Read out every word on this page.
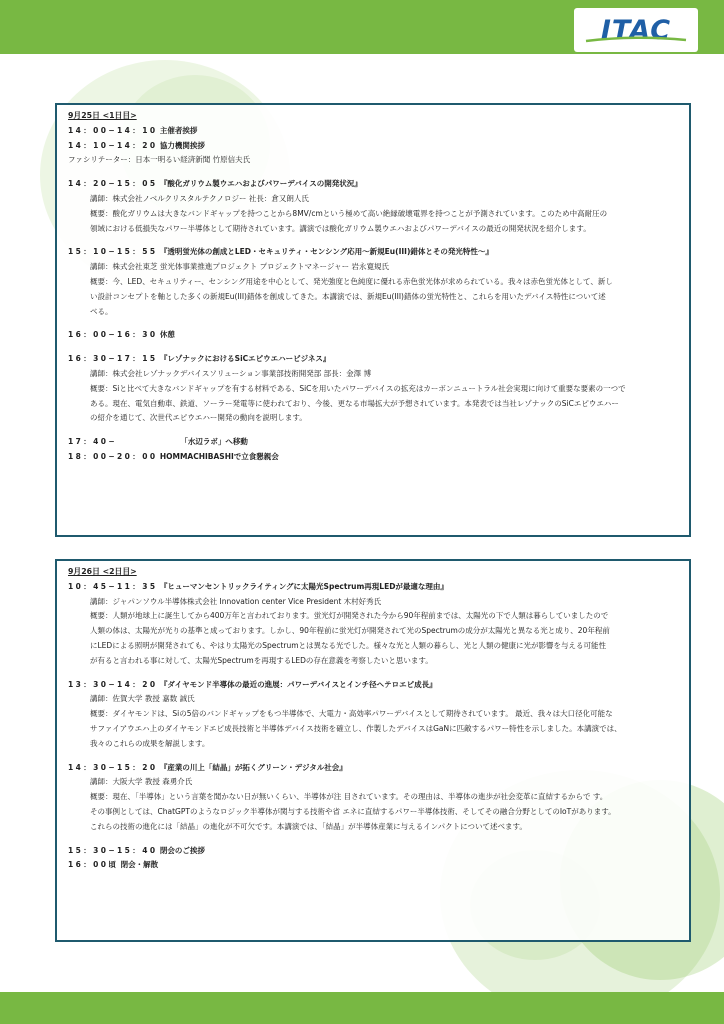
ITAC
9月25日 <1日目>
14：00−14：10 主催者挨拶
14：10−14：20 協力機関挨拶
ファシリテーター：日本一明るい経済新聞 竹原信夫氏
14：20−15：05 『酸化ガリウム製ウエハおよびパワーデバイスの開発状況』
講師：株式会社ノベルクリスタルテクノロジー 社長：倉又朗人氏
概要：酸化ガリウムは大きなバンドギャップを持つことから8MV/cmという極めて高い絶縁破壊電界を持つことが予測されています。このため中高耐圧の
領域における低損失なパワー半導体として期待されています。講演では酸化ガリウム製ウエハおよびパワーデバイスの最近の開発状況を紹介します。
15：10−15：55 『透明蛍光体の創成とLED・セキュリティ・センシング応用〜新規Eu(III)錯体とその発光特性〜』
講師：株式会社東芝 蛍光体事業推進プロジェクト プロジェクトマネージャー 岩永寛規氏
概要：今、LED、セキュリティー、センシング用途を中心として、発光強度と色純度に優れる赤色蛍光体が求められている。我々は赤色蛍光体として、新し
い設計コンセプトを軸とした多くの新規Eu(III)錯体を創成してきた。本講演では、新規Eu(III)錯体の蛍光特性と、これらを用いたデバイス特性について述
べる。
16：00−16：30 休憩
16：30−17：15 『レゾナックにおけるSiCエピウエハービジネス』
講師：株式会社レゾナックデバイスソリューション事業部技術開発部 部長：金澤 博
概要：Siと比べて大きなバンドギャップを有する材料である、SiCを用いたパワーデバイスの拡充はカーボンニュートラル社会実現に向けて重要な要素の一つで
ある。現在、電気自動車、鉄道、ソーラー発電等に使われており、今後、更なる市場拡大が予想されています。本発表では当社レゾナックのSiCエピウエハー
の紹介を通じて、次世代エピウエハー開発の動向を説明します。
17：40−	「水辺ラボ」へ移動
18：00−20：00 HOMMACHIBASHIで立食懇親会
9月26日 <2日目>
10：45−11：35 『ヒューマンセントリックライティングに太陽光Spectrum再現LEDが最適な理由』
講師：ジャパンソウル半導体株式会社 Innovation center Vice President 木村好秀氏
概要：人類が地球上に誕生してから400万年と言われております。蛍光灯が開発された今から90年程前までは、太陽光の下で人類は暮らしていましたので
人類の体は、太陽光が光りの基準と成っております。しかし、90年程前に蛍光灯が開発されて光のSpectrumの成分が太陽光と異なる光と成り、20年程前
にLEDによる照明が開発されても、やはり太陽光のSpectrumとは異なる光でした。様々な光と人類の暮らし、光と人類の健康に光が影響を与える可能性
が有ると言われる事に対して、太陽光Spectrumを再現するLEDの存在意義を考察したいと思います。
13：30−14：20 『ダイヤモンド半導体の最近の進展：パワーデバイスとインチ径ヘテロエピ成長』
講師：佐賀大学 教授 嘉数 誠氏
概要：ダイヤモンドは、Siの5倍のバンドギャップをもつ半導体で、大電力・高効率パワーデバイスとして期待されています。 最近、我々は大口径化可能な
サファイアウエハ上のダイヤモンドエピ成長技術と半導体デバイス技術を確立し、作製したデバイスはGaNに匹敵するパワー特性を示しました。本講演では、
我々のこれらの成果を解説します。
14：30−15：20 『産業の川上「結晶」が拓くグリーン・デジタル社会』
講師：大阪大学 教授 森勇介氏
概要：現在、「半導体」という言葉を聞かない日が無いくらい、半導体が注 目されています。その理由は、半導体の進歩が社会変革に直結するからで す。
その事例としては、ChatGPTのようなロジック半導体が関与する技術や省 エネに直結するパワー半導体技術、そしてその融合分野としてのIoTがあります。
これらの技術の進化には「結晶」の進化が不可欠です。本講演では、「結晶」が半導体産業に与えるインパクトについて述べます。
15：30−15：40 閉会のご挨拶
16：00頃 閉会・解散
